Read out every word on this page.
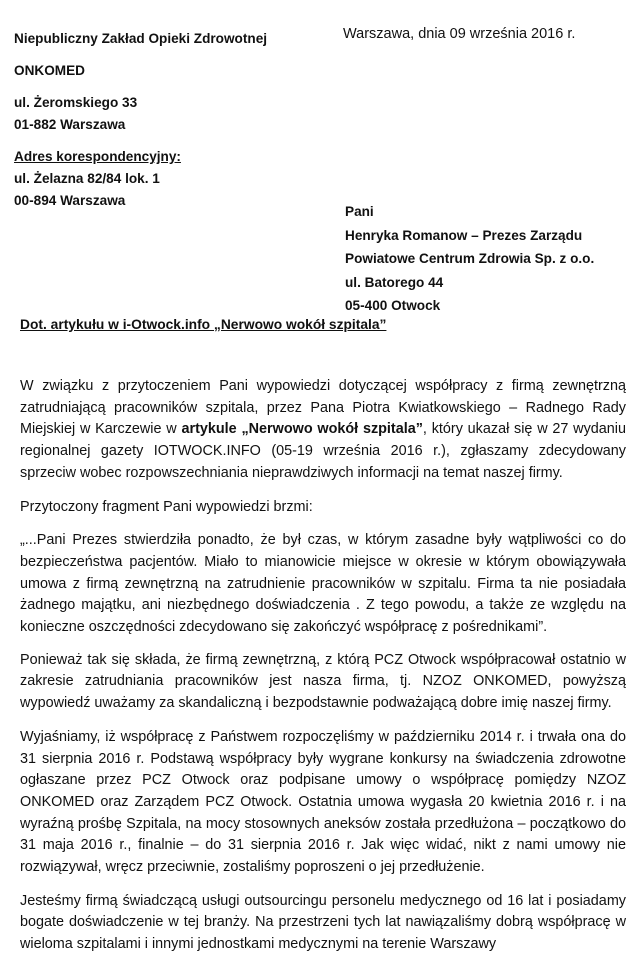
Niepubliczny Zakład Opieki Zdrowotnej
ONKOMED
ul. Żeromskiego 33
01-882 Warszawa
Adres korespondencyjny:
ul. Żelazna 82/84 lok. 1
00-894 Warszawa
Warszawa, dnia 09 września 2016 r.
Pani
Henryka Romanow – Prezes Zarządu
Powiatowe Centrum Zdrowia Sp. z o.o.
ul. Batorego 44
05-400 Otwock
Dot. artykułu w i-Otwock.info „Nerwowo wokół szpitala”

W związku z przytoczeniem Pani wypowiedzi dotyczącej współpracy z firmą zewnętrzną zatrudniającą pracowników szpitala, przez Pana Piotra Kwiatkowskiego – Radnego Rady Miejskiej w Karczewie w artykule „Nerwowo wokół szpitala”, który ukazał się w 27 wydaniu regionalnej gazety IOTWOCK.INFO (05-19 września 2016 r.), zgłaszamy zdecydowany sprzeciw wobec rozpowszechniania nieprawdziwych informacji na temat naszej firmy.

Przytoczony fragment Pani wypowiedzi brzmi:

„...Pani Prezes stwierdziła ponadto, że był czas, w którym zasadne były wątpliwości co do bezpieczeństwa pacjentów. Miało to mianowicie miejsce w okresie w którym obowiązywała umowa z firmą zewnętrzną na zatrudnienie pracowników w szpitalu. Firma ta nie posiadała żadnego majątku, ani niezbędnego doświadczenia . Z tego powodu, a także ze względu na konieczne oszczędności zdecydowano się zakończyć współpracę z pośrednikami”.

Ponieważ tak się składa, że firmą zewnętrzną, z którą PCZ Otwock współpracował ostatnio w zakresie zatrudniania pracowników jest nasza firma, tj. NZOZ ONKOMED, powyższą wypowiedź uważamy za skandaliczną i bezpodstawnie podważającą dobre imię naszej firmy.

Wyjaśniamy, iż współpracę z Państwem rozpoczęliśmy w październiku 2014 r. i trwała ona do 31 sierpnia 2016 r. Podstawą współpracy były wygrane konkursy na świadczenia zdrowotne ogłaszane przez PCZ Otwock oraz podpisane umowy o współpracę pomiędzy NZOZ ONKOMED oraz Zarządem PCZ Otwock. Ostatnia umowa wygasła 20 kwietnia 2016 r. i na wyraźną prośbę Szpitala, na mocy stosownych aneksów została przedłużona – początkowo do 31 maja 2016 r., finalnie – do 31 sierpnia 2016 r. Jak więc widać, nikt z nami umowy nie rozwiązywał, wręcz przeciwnie, zostaliśmy poproszeni o jej przedłużenie.

Jesteśmy firmą świadczącą usługi outsourcingu personelu medycznego od 16 lat i posiadamy bogate doświadczenie w tej branży. Na przestrzeni tych lat nawiązaliśmy dobrą współpracę w wieloma szpitalami i innymi jednostkami medycznymi na terenie Warszawy
